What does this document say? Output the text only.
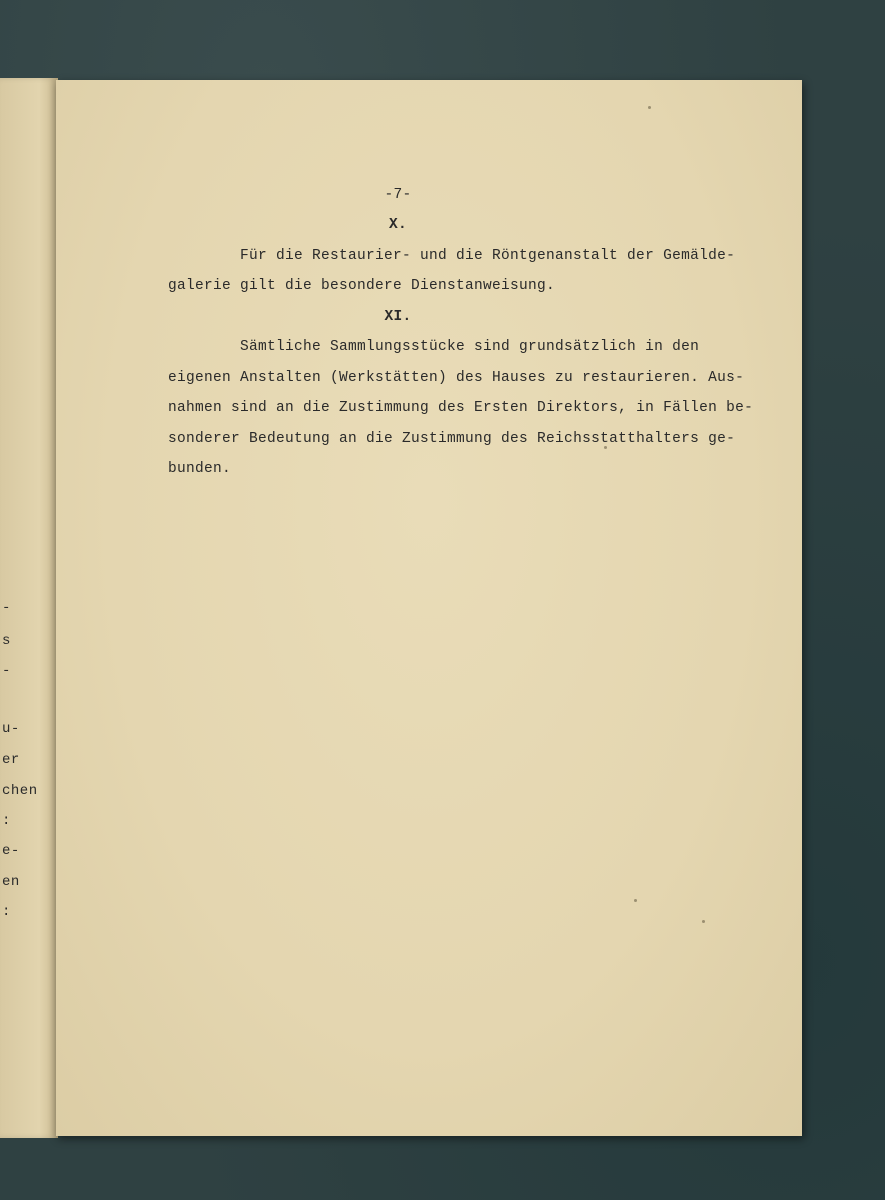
-
s
-
u-
er
chen
:
e-
en
:

-7-

X.

Für die Restaurier- und die Röntgenanstalt der Gemälde-

galerie gilt die besondere Dienstanweisung.

XI.

Sämtliche Sammlungsstücke sind grundsätzlich in den

eigenen Anstalten (Werkstätten) des Hauses zu restaurieren. Aus-

nahmen sind an die Zustimmung des Ersten Direktors, in Fällen be-

sonderer Bedeutung an die Zustimmung des Reichsstatthalters ge-

bunden.
